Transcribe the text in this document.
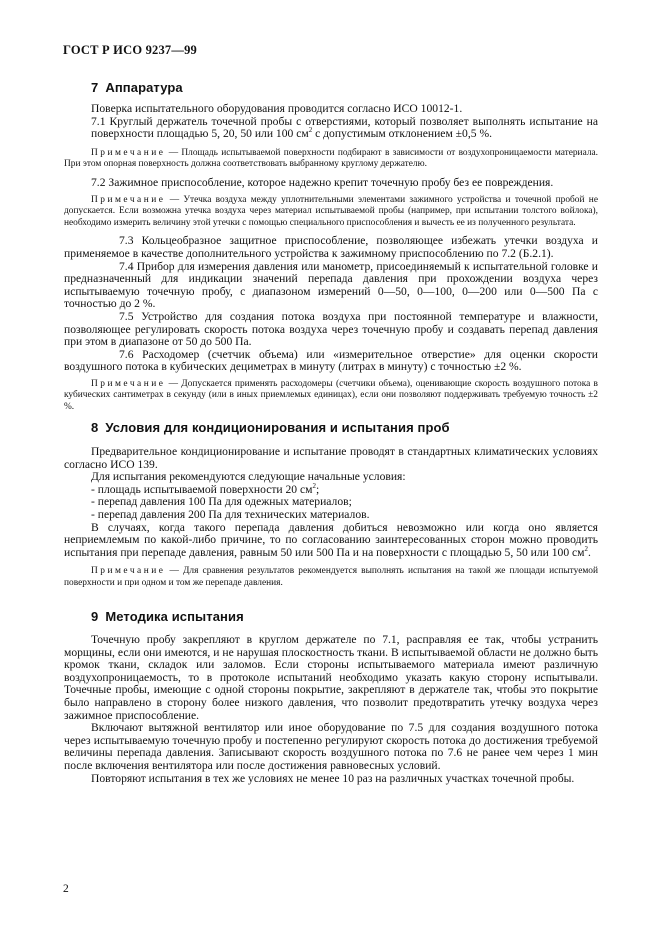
ГОСТ Р ИСО 9237—99
7 Аппаратура

Поверка испытательного оборудования проводится согласно ИСО 10012-1.

7.1 Круглый держатель точечной пробы с отверстиями, который позволяет выполнять испытание на поверхности площадью 5, 20, 50 или 100 $см^2$ с допустимым отклонением ±0,5 %.

Примечание — Площадь испытываемой поверхности подбирают в зависимости от воздухопроницаемости материала. При этом опорная поверхность должна соответствовать выбранному круглому держателю.

7.2 Зажимное приспособление, которое надежно крепит точечную пробу без ее повреждения.

Примечание — Утечка воздуха между уплотнительными элементами зажимного устройства и точечной пробой не допускается. Если возможна утечка воздуха через материал испытываемой пробы (например, при испытании толстого войлока), необходимо измерить величину этой утечки с помощью специального приспособления и вычесть ее из полученного результата.

7.3 Кольцеобразное защитное приспособление, позволяющее избежать утечки воздуха и применяемое в качестве дополнительного устройства к зажимному приспособлению по 7.2 (Б.2.1).

7.4 Прибор для измерения давления или манометр, присоединяемый к испытательной головке и предназначенный для индикации значений перепада давления при прохождении воздуха через испытываемую точечную пробу, с диапазоном измерений 0—50, 0—100, 0—200 или 0—500 Па с точностью до 2 %.

7.5 Устройство для создания потока воздуха при постоянной температуре и влажности, позволяющее регулировать скорость потока воздуха через точечную пробу и создавать перепад давления при этом в диапазоне от 50 до 500 Па.

7.6 Расходомер (счетчик объема) или «измерительное отверстие» для оценки скорости воздушного потока в кубических дециметрах в минуту (литрах в минуту) с точностью ±2 %.

Примечание — Допускается применять расходомеры (счетчики объема), оценивающие скорость воздушного потока в кубических сантиметрах в секунду (или в иных приемлемых единицах), если они позволяют поддерживать требуемую точность ±2 %.

8 Условия для кондиционирования и испытания проб

Предварительное кондиционирование и испытание проводят в стандартных климатических условиях согласно ИСО 139.

Для испытания рекомендуются следующие начальные условия:

- площадь испытываемой поверхности 20 $см^2$;

- перепад давления 100 Па для одежных материалов;

- перепад давления 200 Па для технических материалов.

В случаях, когда такого перепада давления добиться невозможно или когда оно является неприемлемым по какой-либо причине, то по согласованию заинтересованных сторон можно проводить испытания при перепаде давления, равным 50 или 500 Па и на поверхности с площадью 5, 50 или 100 $см^2$.

Примечание — Для сравнения результатов рекомендуется выполнять испытания на такой же площади испытуемой поверхности и при одном и том же перепаде давления.

9 Методика испытания

Точечную пробу закрепляют в круглом держателе по 7.1, расправляя ее так, чтобы устранить морщины, если они имеются, и не нарушая плоскостность ткани. В испытываемой области не должно быть кромок ткани, складок или заломов. Если стороны испытываемого материала имеют различную воздухопроницаемость, то в протоколе испытаний необходимо указать какую сторону испытывали. Точечные пробы, имеющие с одной стороны покрытие, закрепляют в держателе так, чтобы это покрытие было направлено в сторону более низкого давления, что позволит предотвратить утечку воздуха через зажимное приспособление.

Включают вытяжной вентилятор или иное оборудование по 7.5 для создания воздушного потока через испытываемую точечную пробу и постепенно регулируют скорость потока до достижения требуемой величины перепада давления. Записывают скорость воздушного потока по 7.6 не ранее чем через 1 мин после включения вентилятора или после достижения равновесных условий.

Повторяют испытания в тех же условиях не менее 10 раз на различных участках точечной пробы.

2
